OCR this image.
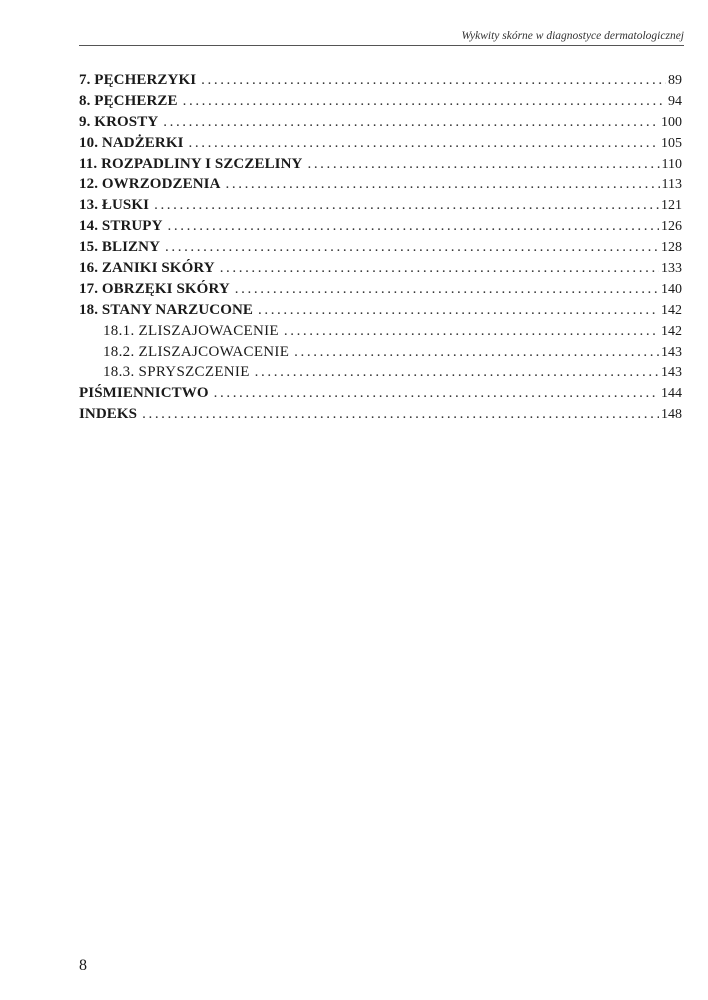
Wykwity skórne w diagnostyce dermatologicznej
7. PĘCHERZYKI .....	89
8. PĘCHERZE .....	94
9. KROSTY .....	100
10. NADŻERKI .....	105
11. ROZPADLINY I SZCZELINY .....	110
12. OWRZODZENIA .....	113
13. ŁUSKI .....	121
14. STRUPY .....	126
15. BLIZNY .....	128
16. ZANIKI SKÓRY .....	133
17. OBRZĘKI SKÓRY .....	140
18. STANY NARZUCONE .....	142
18.1. ZLISZAJOWACENIE .....	142
18.2. ZLISZAJCOWACENIE .....	143
18.3. SPRYSZCZENIE .....	143
PIŚMIENNICTWO .....	144
INDEKS .....	148
8
